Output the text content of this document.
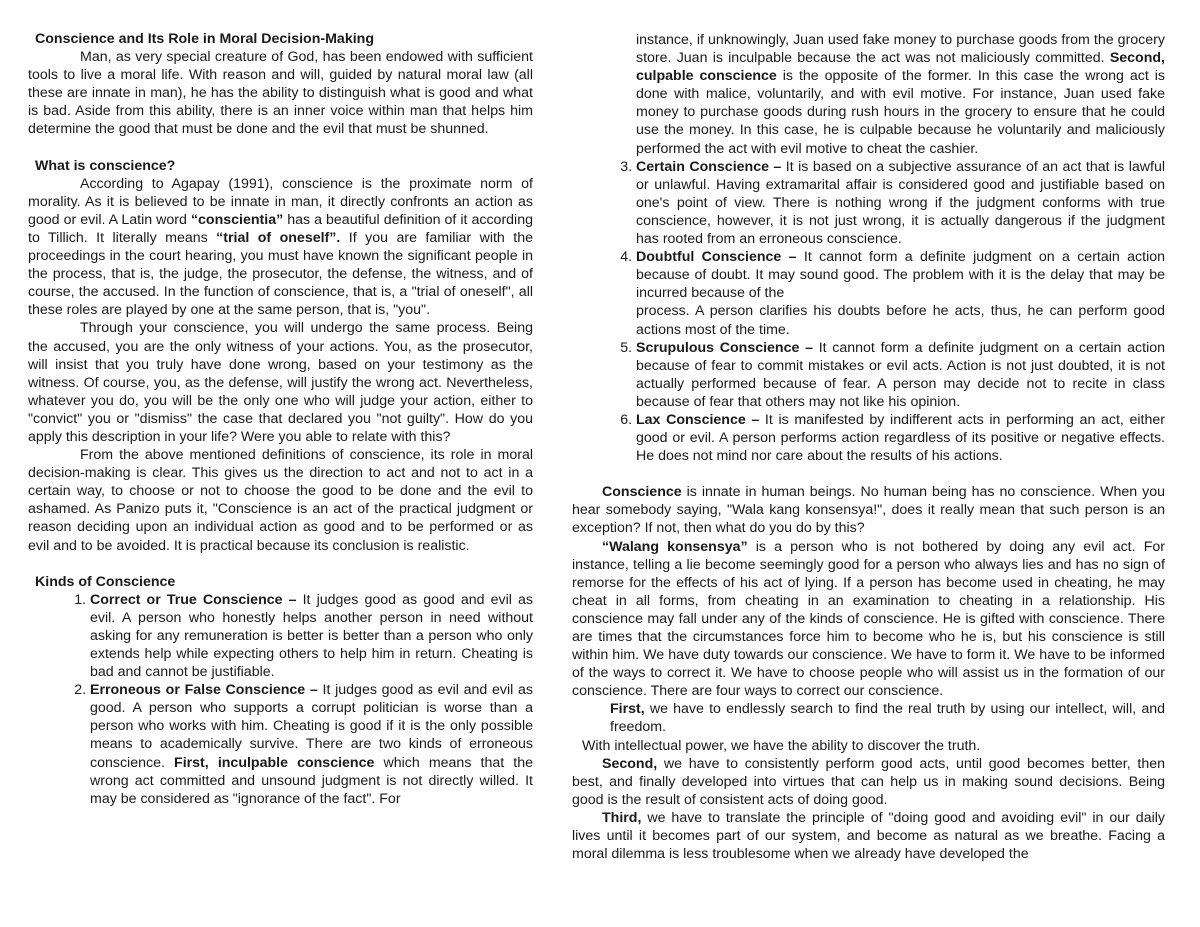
Conscience and Its Role in Moral Decision-Making

Man, as very special creature of God, has been endowed with sufficient tools to live a moral life. With reason and will, guided by natural moral law (all these are innate in man), he has the ability to distinguish what is good and what is bad. Aside from this ability, there is an inner voice within man that helps him determine the good that must be done and the evil that must be shunned.

What is conscience?

According to Agapay (1991), conscience is the proximate norm of morality. As it is believed to be innate in man, it directly confronts an action as good or evil. A Latin word “conscientia” has a beautiful definition of it according to Tillich. It literally means “trial of oneself”. If you are familiar with the proceedings in the court hearing, you must have known the significant people in the process, that is, the judge, the prosecutor, the defense, the witness, and of course, the accused. In the function of conscience, that is, a "trial of oneself", all these roles are played by one at the same person, that is, "you".

Through your conscience, you will undergo the same process. Being the accused, you are the only witness of your actions. You, as the prosecutor, will insist that you truly have done wrong, based on your testimony as the witness. Of course, you, as the defense, will justify the wrong act. Nevertheless, whatever you do, you will be the only one who will judge your action, either to "convict" you or "dismiss" the case that declared you "not guilty". How do you apply this description in your life? Were you able to relate with this?

From the above mentioned definitions of conscience, its role in moral decision-making is clear. This gives us the direction to act and not to act in a certain way, to choose or not to choose the good to be done and the evil to ashamed. As Panizo puts it, "Conscience is an act of the practical judgment or reason deciding upon an individual action as good and to be performed or as evil and to be avoided. It is practical because its conclusion is realistic.

Kinds of Conscience

1. Correct or True Conscience – It judges good as good and evil as evil. A person who honestly helps another person in need without asking for any remuneration is better is better than a person who only extends help while expecting others to help him in return. Cheating is bad and cannot be justifiable.
2. Erroneous or False Conscience – It judges good as evil and evil as good. A person who supports a corrupt politician is worse than a person who works with him. Cheating is good if it is the only possible means to academically survive. There are two kinds of erroneous conscience. First, inculpable conscience which means that the wrong act committed and unsound judgment is not directly willed. It may be considered as "ignorance of the fact". For

instance, if unknowingly, Juan used fake money to purchase goods from the grocery store. Juan is inculpable because the act was not maliciously committed. Second, culpable conscience is the opposite of the former. In this case the wrong act is done with malice, voluntarily, and with evil motive. For instance, Juan used fake money to purchase goods during rush hours in the grocery to ensure that he could use the money. In this case, he is culpable because he voluntarily and maliciously performed the act with evil motive to cheat the cashier.

3. Certain Conscience – It is based on a subjective assurance of an act that is lawful or unlawful. Having extramarital affair is considered good and justifiable based on one's point of view. There is nothing wrong if the judgment conforms with true conscience, however, it is not just wrong, it is actually dangerous if the judgment has rooted from an erroneous conscience.
4. Doubtful Conscience – It cannot form a definite judgment on a certain action because of doubt. It may sound good. The problem with it is the delay that may be incurred because of the
process. A person clarifies his doubts before he acts, thus, he can perform good actions most of the time.
5. Scrupulous Conscience – It cannot form a definite judgment on a certain action because of fear to commit mistakes or evil acts. Action is not just doubted, it is not actually performed because of fear. A person may decide not to recite in class because of fear that others may not like his opinion.
6. Lax Conscience – It is manifested by indifferent acts in performing an act, either good or evil. A person performs action regardless of its positive or negative effects. He does not mind nor care about the results of his actions.

Conscience is innate in human beings. No human being has no conscience. When you hear somebody saying, "Wala kang konsensya!", does it really mean that such person is an exception? If not, then what do you do by this?

“Walang konsensya” is a person who is not bothered by doing any evil act. For instance, telling a lie become seemingly good for a person who always lies and has no sign of remorse for the effects of his act of lying. If a person has become used in cheating, he may cheat in all forms, from cheating in an examination to cheating in a relationship. His conscience may fall under any of the kinds of conscience. He is gifted with conscience. There are times that the circumstances force him to become who he is, but his conscience is still within him. We have duty towards our conscience. We have to form it. We have to be informed of the ways to correct it. We have to choose people who will assist us in the formation of our conscience. There are four ways to correct our conscience.

First, we have to endlessly search to find the real truth by using our intellect, will, and freedom.

With intellectual power, we have the ability to discover the truth.

Second, we have to consistently perform good acts, until good becomes better, then best, and finally developed into virtues that can help us in making sound decisions. Being good is the result of consistent acts of doing good.

Third, we have to translate the principle of "doing good and avoiding evil" in our daily lives until it becomes part of our system, and become as natural as we breathe. Facing a moral dilemma is less troublesome when we already have developed the
